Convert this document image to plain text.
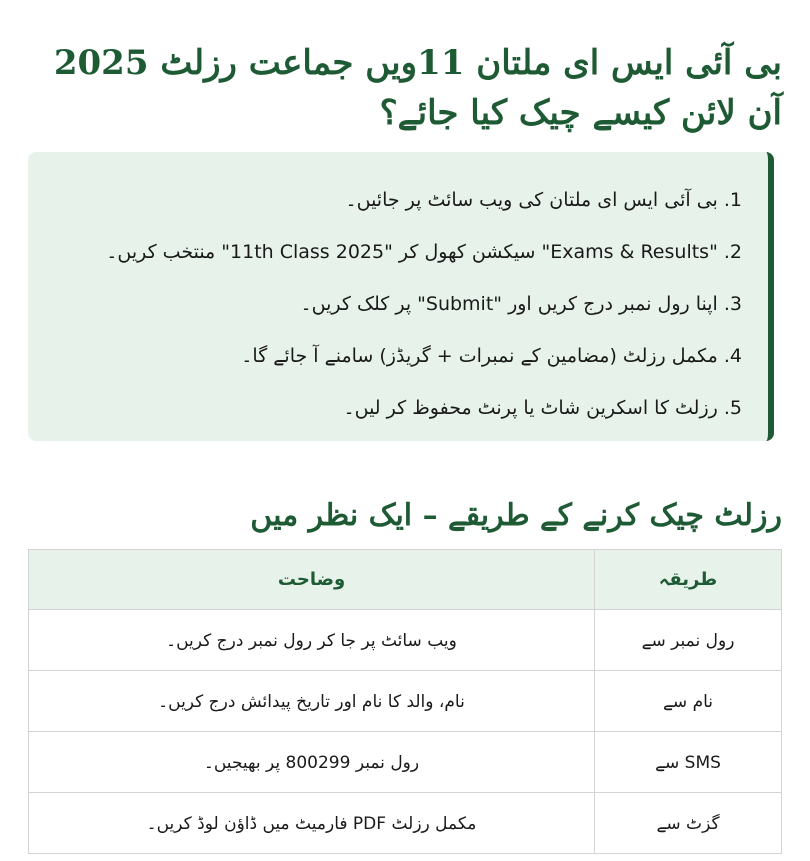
بی آئی ایس ای ملتان 11ویں جماعت رزلٹ 2025 آن لائن کیسے چیک کیا جائے؟
1. بی آئی ایس ای ملتان کی ویب سائٹ پر جائیں۔
2. "Exams & Results" سیکشن کھول کر "11th Class 2025" منتخب کریں۔
3. اپنا رول نمبر درج کریں اور "Submit" پر کلک کریں۔
4. مکمل رزلٹ (مضامین کے نمبرات + گریڈز) سامنے آ جائے گا۔
5. رزلٹ کا اسکرین شاٹ یا پرنٹ محفوظ کر لیں۔
رزلٹ چیک کرنے کے طریقے – ایک نظر میں
طریقہ	وضاحت
رول نمبر سے	ویب سائٹ پر جا کر رول نمبر درج کریں۔
نام سے	نام، والد کا نام اور تاریخ پیدائش درج کریں۔
SMS سے	رول نمبر 800299 پر بھیجیں۔
گزٹ سے	مکمل رزلٹ PDF فارمیٹ میں ڈاؤن لوڈ کریں۔
